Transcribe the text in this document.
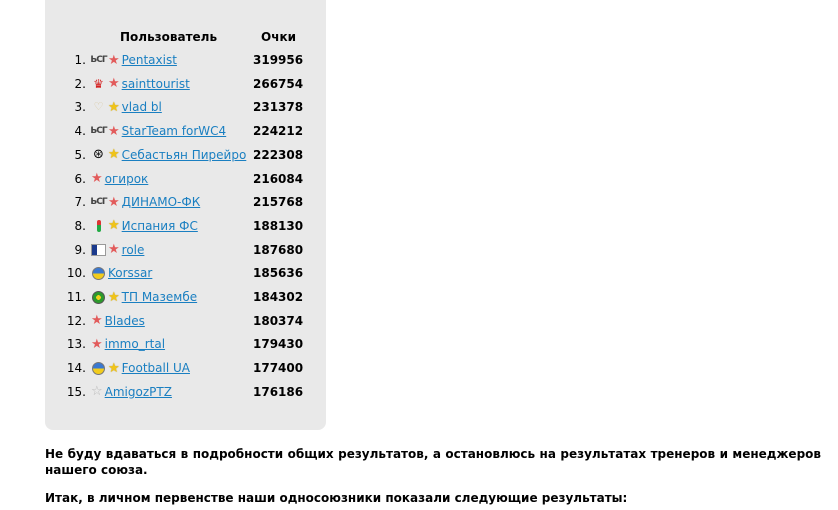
Пользователь	Очки
1. ЬСГ ★ Pentaxist	319956
2. ♛ ★ sainttourist	266754
3. ♡ ★ vlad bl	231378
4. ЬСГ ★ StarTeam forWC4 224212
5. ⊛ ★ Себастьян Пирейро 222308
6. ★ огирок	216084
7. ЬСГ ★ ДИНАМО-ФК	215768
8. ★ Испания ФС	188130
9. ★ role	187680
10. Korssar	185636
11. ★ ТП Мазембе	184302
12. ★ Blades	180374
13. ★ immo_rtal	179430
14. ★ Football UA	177400
15. ☆ AmigozPTZ	176186
Не буду вдаваться в подробности общих результатов, а остановлюсь на результатах тренеров и менеджеров нашего союза.
Итак, в личном первенстве наши односоюзники показали следующие результаты:
